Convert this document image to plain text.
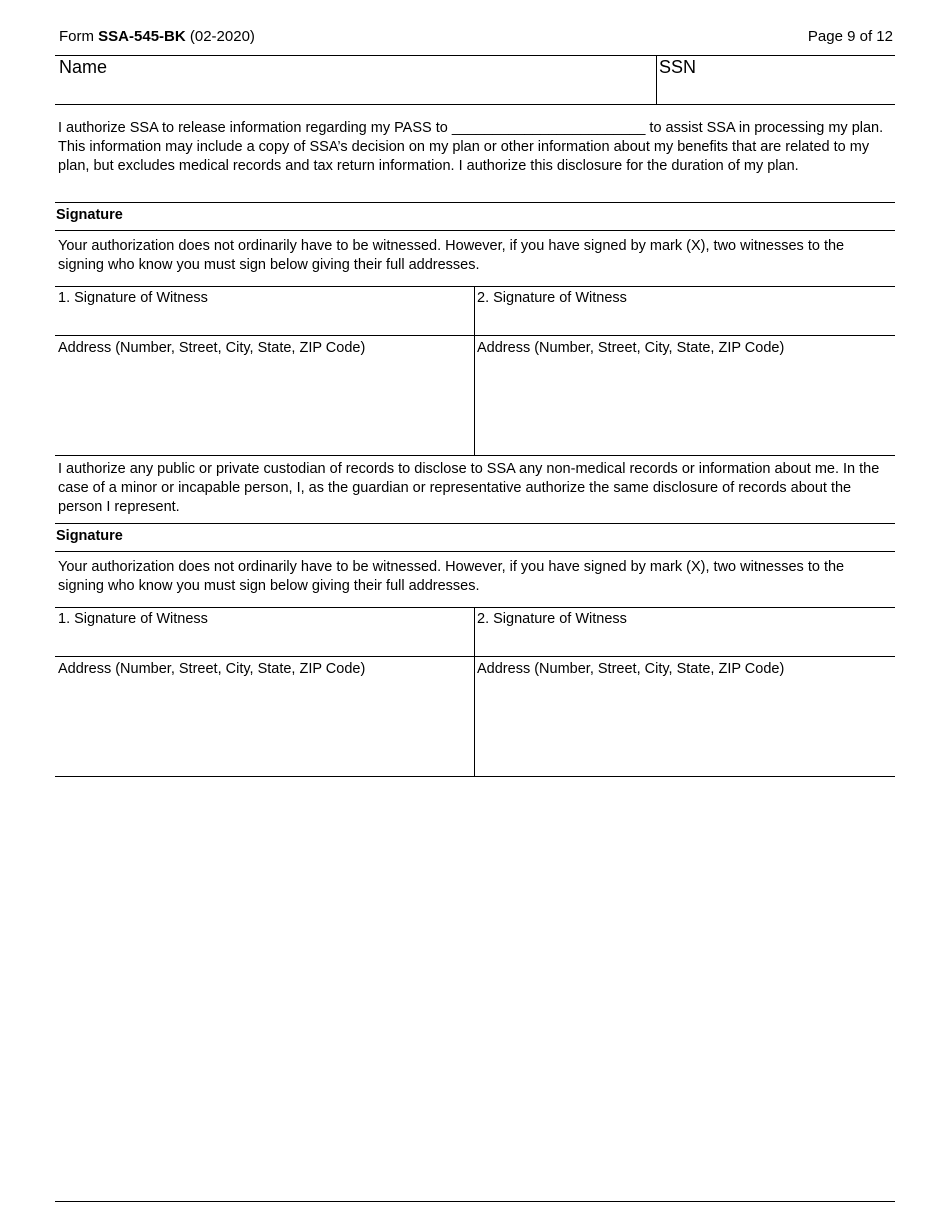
Form SSA-545-BK (02-2020)	Page 9 of 12
Name	SSN
I authorize SSA to release information regarding my PASS to ________________________ to assist SSA in processing my plan. This information may include a copy of SSA’s decision on my plan or other information about my benefits that are related to my plan, but excludes medical records and tax return information. I authorize this disclosure for the duration of my plan.
Signature
Your authorization does not ordinarily have to be witnessed. However, if you have signed by mark (X), two witnesses to the signing who know you must sign below giving their full addresses.
1. Signature of Witness	2. Signature of Witness
Address (Number, Street, City, State, ZIP Code)	Address (Number, Street, City, State, ZIP Code)
I authorize any public or private custodian of records to disclose to SSA any non-medical records or information about me. In the case of a minor or incapable person, I, as the guardian or representative authorize the same disclosure of records about the person I represent.
Signature
Your authorization does not ordinarily have to be witnessed. However, if you have signed by mark (X), two witnesses to the signing who know you must sign below giving their full addresses.
1. Signature of Witness	2. Signature of Witness
Address (Number, Street, City, State, ZIP Code)	Address (Number, Street, City, State, ZIP Code)
